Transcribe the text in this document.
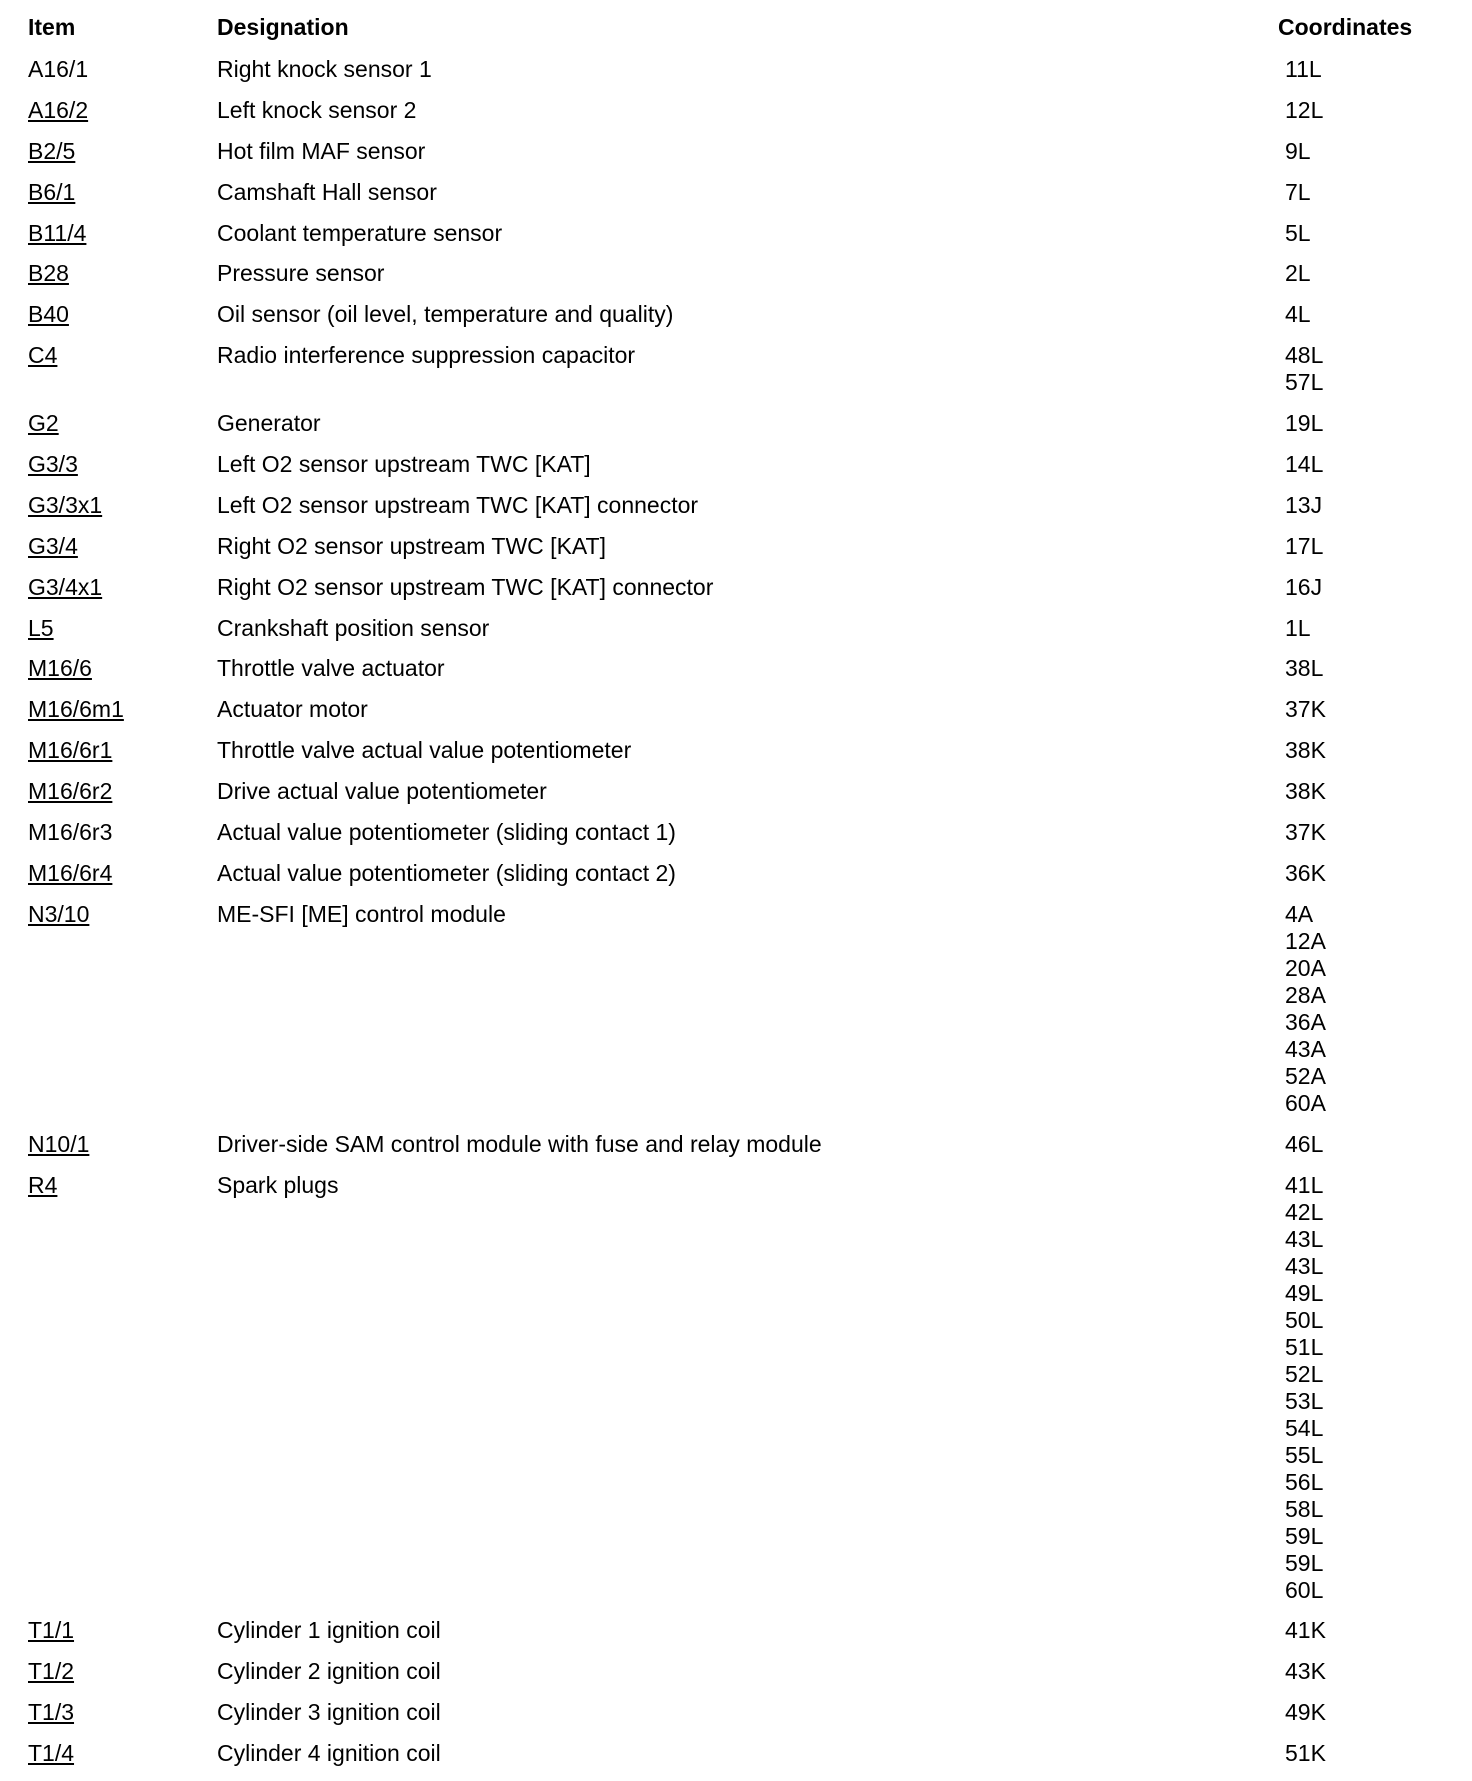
Item	Designation	Coordinates
A16/1	Right knock sensor 1	11L
A16/2	Left knock sensor 2	12L
B2/5	Hot film MAF sensor	9L
B6/1	Camshaft Hall sensor	7L
B11/4	Coolant temperature sensor	5L
B28	Pressure sensor	2L
B40	Oil sensor (oil level, temperature and quality)	4L
C4	Radio interference suppression capacitor	48L
57L
G2	Generator	19L
G3/3	Left O2 sensor upstream TWC [KAT]	14L
G3/3x1	Left O2 sensor upstream TWC [KAT] connector	13J
G3/4	Right O2 sensor upstream TWC [KAT]	17L
G3/4x1	Right O2 sensor upstream TWC [KAT] connector	16J
L5	Crankshaft position sensor	1L
M16/6	Throttle valve actuator	38L
M16/6m1	Actuator motor	37K
M16/6r1	Throttle valve actual value potentiometer	38K
M16/6r2	Drive actual value potentiometer	38K
M16/6r3	Actual value potentiometer (sliding contact 1)	37K
M16/6r4	Actual value potentiometer (sliding contact 2)	36K
N3/10	ME-SFI [ME] control module	4A
12A
20A
28A
36A
43A
52A
60A
N10/1	Driver-side SAM control module with fuse and relay module	46L
R4	Spark plugs	41L
42L
43L
43L
49L
50L
51L
52L
53L
54L
55L
56L
58L
59L
59L
60L
T1/1	Cylinder 1 ignition coil	41K
T1/2	Cylinder 2 ignition coil	43K
T1/3	Cylinder 3 ignition coil	49K
T1/4	Cylinder 4 ignition coil	51K
